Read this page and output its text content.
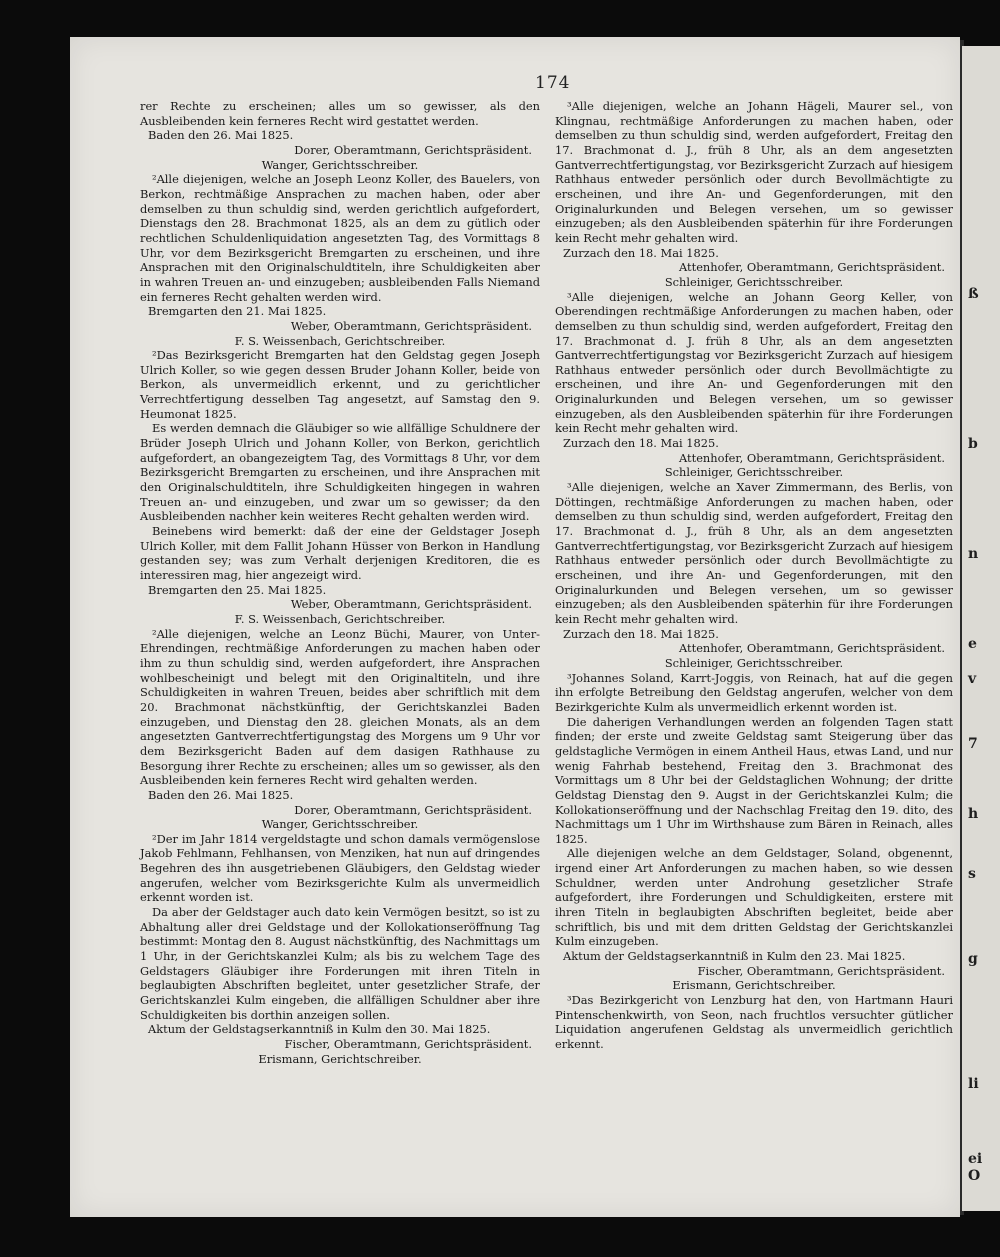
ß
b
n
e
v
7
h
s
g
li
ei
O
174

rer Rechte zu erscheinen; alles um so gewisser, als den Ausbleibenden kein ferneres Recht wird gestattet werden.

Baden den 26. Mai 1825.

Dorer, Oberamtmann, Gerichtspräsident.

Wanger, Gerichtsschreiber.

²Alle diejenigen, welche an Joseph Leonz Koller, des Bauelers, von Berkon, rechtmäßige Ansprachen zu machen haben, oder aber demselben zu thun schuldig sind, werden gerichtlich aufgefordert, Dienstags den 28. Brachmonat 1825, als an dem zu gütlich oder rechtlichen Schuldenliquidation angesetzten Tag, des Vormittags 8 Uhr, vor dem Bezirksgericht Bremgarten zu erscheinen, und ihre Ansprachen mit den Originalschuldtiteln, ihre Schuldigkeiten aber in wahren Treuen an- und einzugeben; ausbleibenden Falls Niemand ein ferneres Recht gehalten werden wird.

Bremgarten den 21. Mai 1825.

Weber, Oberamtmann, Gerichtspräsident.

F. S. Weissenbach, Gerichtschreiber.

²Das Bezirksgericht Bremgarten hat den Geldstag gegen Joseph Ulrich Koller, so wie gegen dessen Bruder Johann Koller, beide von Berkon, als unvermeidlich erkennt, und zu gerichtlicher Verrechtfertigung desselben Tag angesetzt, auf Samstag den 9. Heumonat 1825.

Es werden demnach die Gläubiger so wie allfällige Schuldnere der Brüder Joseph Ulrich und Johann Koller, von Berkon, gerichtlich aufgefordert, an obangezeigtem Tag, des Vormittags 8 Uhr, vor dem Bezirksgericht Bremgarten zu erscheinen, und ihre Ansprachen mit den Originalschuldtiteln, ihre Schuldigkeiten hingegen in wahren Treuen an- und einzugeben, und zwar um so gewisser; da den Ausbleibenden nachher kein weiteres Recht gehalten werden wird.

Beinebens wird bemerkt: daß der eine der Geldstager Joseph Ulrich Koller, mit dem Fallit Johann Hüsser von Berkon in Handlung gestanden sey; was zum Verhalt derjenigen Kreditoren, die es interessiren mag, hier angezeigt wird.

Bremgarten den 25. Mai 1825.

Weber, Oberamtmann, Gerichtspräsident.

F. S. Weissenbach, Gerichtschreiber.

²Alle diejenigen, welche an Leonz Büchi, Maurer, von Unter-Ehrendingen, rechtmäßige Anforderungen zu machen haben oder ihm zu thun schuldig sind, werden aufgefordert, ihre Ansprachen wohlbescheinigt und belegt mit den Originaltiteln, und ihre Schuldigkeiten in wahren Treuen, beides aber schriftlich mit dem 20. Brachmonat nächstkünftig, der Gerichtskanzlei Baden einzugeben, und Dienstag den 28. gleichen Monats, als an dem angesetzten Gantverrechtfertigungstag des Morgens um 9 Uhr vor dem Bezirksgericht Baden auf dem dasigen Rathhause zu Besorgung ihrer Rechte zu erscheinen; alles um so gewisser, als den Ausbleibenden kein ferneres Recht wird gehalten werden.

Baden den 26. Mai 1825.

Dorer, Oberamtmann, Gerichtspräsident.

Wanger, Gerichtsschreiber.

²Der im Jahr 1814 vergeldstagte und schon damals vermögenslose Jakob Fehlmann, Fehlhansen, von Menziken, hat nun auf dringendes Begehren des ihn ausgetriebenen Gläubigers, den Geldstag wieder angerufen, welcher vom Bezirksgerichte Kulm als unvermeidlich erkennt worden ist.

Da aber der Geldstager auch dato kein Vermögen besitzt, so ist zu Abhaltung aller drei Geldstage und der Kollokationseröffnung Tag bestimmt: Montag den 8. August nächstkünftig, des Nachmittags um 1 Uhr, in der Gerichtskanzlei Kulm; als bis zu welchem Tage des Geldstagers Gläubiger ihre Forderungen mit ihren Titeln in beglaubigten Abschriften begleitet, unter gesetzlicher Strafe, der Gerichtskanzlei Kulm eingeben, die allfälligen Schuldner aber ihre Schuldigkeiten bis dorthin anzeigen sollen.

Aktum der Geldstagserkanntniß in Kulm den 30. Mai 1825.

Fischer, Oberamtmann, Gerichtspräsident.

Erismann, Gerichtschreiber.

³Alle diejenigen, welche an Johann Hägeli, Maurer sel., von Klingnau, rechtmäßige Anforderungen zu machen haben, oder demselben zu thun schuldig sind, werden aufgefordert, Freitag den 17. Brachmonat d. J., früh 8 Uhr, als an dem angesetzten Gantverrechtfertigungstag, vor Bezirksgericht Zurzach auf hiesigem Rathhaus entweder persönlich oder durch Bevollmächtigte zu erscheinen, und ihre An- und Gegenforderungen, mit den Originalurkunden und Belegen versehen, um so gewisser einzugeben; als den Ausbleibenden späterhin für ihre Forderungen kein Recht mehr gehalten wird.

Zurzach den 18. Mai 1825.

Attenhofer, Oberamtmann, Gerichtspräsident.

Schleiniger, Gerichtsschreiber.

³Alle diejenigen, welche an Johann Georg Keller, von Oberendingen rechtmäßige Anforderungen zu machen haben, oder demselben zu thun schuldig sind, werden aufgefordert, Freitag den 17. Brachmonat d. J. früh 8 Uhr, als an dem angesetzten Gantverrechtfertigungstag vor Bezirksgericht Zurzach auf hiesigem Rathhaus entweder persönlich oder durch Bevollmächtigte zu erscheinen, und ihre An- und Gegenforderungen mit den Originalurkunden und Belegen versehen, um so gewisser einzugeben, als den Ausbleibenden späterhin für ihre Forderungen kein Recht mehr gehalten wird.

Zurzach den 18. Mai 1825.

Attenhofer, Oberamtmann, Gerichtspräsident.

Schleiniger, Gerichtsschreiber.

³Alle diejenigen, welche an Xaver Zimmermann, des Berlis, von Döttingen, rechtmäßige Anforderungen zu machen haben, oder demselben zu thun schuldig sind, werden aufgefordert, Freitag den 17. Brachmonat d. J., früh 8 Uhr, als an dem angesetzten Gantverrechtfertigungstag, vor Bezirksgericht Zurzach auf hiesigem Rathhaus entweder persönlich oder durch Bevollmächtigte zu erscheinen, und ihre An- und Gegenforderungen, mit den Originalurkunden und Belegen versehen, um so gewisser einzugeben; als den Ausbleibenden späterhin für ihre Forderungen kein Recht mehr gehalten wird.

Zurzach den 18. Mai 1825.

Attenhofer, Oberamtmann, Gerichtspräsident.

Schleiniger, Gerichtsschreiber.

³Johannes Soland, Karrt-Joggis, von Reinach, hat auf die gegen ihn erfolgte Betreibung den Geldstag angerufen, welcher von dem Bezirkgerichte Kulm als unvermeidlich erkennt worden ist.

Die daherigen Verhandlungen werden an folgenden Tagen statt finden; der erste und zweite Geldstag samt Steigerung über das geldstagliche Vermögen in einem Antheil Haus, etwas Land, und nur wenig Fahrhab bestehend, Freitag den 3. Brachmonat des Vormittags um 8 Uhr bei der Geldstaglichen Wohnung; der dritte Geldstag Dienstag den 9. Augst in der Gerichtskanzlei Kulm; die Kollokationseröffnung und der Nachschlag Freitag den 19. dito, des Nachmittags um 1 Uhr im Wirthshause zum Bären in Reinach, alles 1825.

Alle diejenigen welche an dem Geldstager, Soland, obgenennt, irgend einer Art Anforderungen zu machen haben, so wie dessen Schuldner, werden unter Androhung gesetzlicher Strafe aufgefordert, ihre Forderungen und Schuldigkeiten, erstere mit ihren Titeln in beglaubigten Abschriften begleitet, beide aber schriftlich, bis und mit dem dritten Geldstag der Gerichtskanzlei Kulm einzugeben.

Aktum der Geldstagserkanntniß in Kulm den 23. Mai 1825.

Fischer, Oberamtmann, Gerichtspräsident.

Erismann, Gerichtschreiber.

³Das Bezirkgericht von Lenzburg hat den, von Hartmann Hauri Pintenschenkwirth, von Seon, nach fruchtlos versuchter gütlicher Liquidation angerufenen Geldstag als unvermeidlich gerichtlich erkennt.
